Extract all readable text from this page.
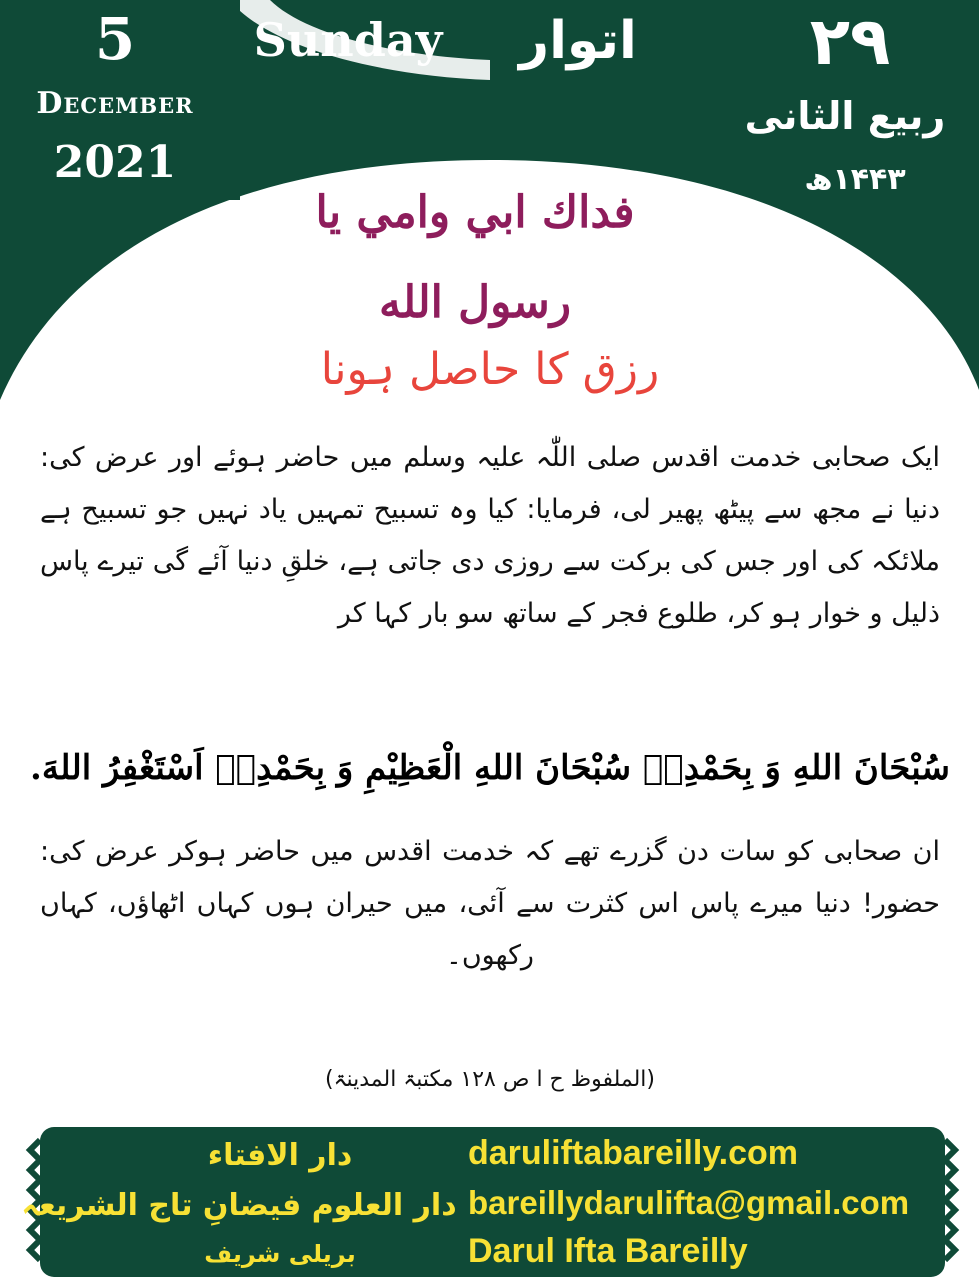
5
December
2021
Sunday	اتوار	۲۹
ربیع الثانی
۱۴۴۳ھ
فداك ابي وامي يا رسول الله
رزق کا حاصل ہونا
ایک صحابی خدمت اقدس صلی اللّٰہ علیہ وسلم میں حاضر ہوئے اور عرض کی: دنیا نے مجھ سے پیٹھ پھیر لی، فرمایا: کیا وہ تسبیح تمہیں یاد نہیں جو تسبیح ہے ملائکہ کی اور جس کی برکت سے روزی دی جاتی ہے، خلقِ دنیا آئے گی تیرے پاس ذلیل و خوار ہو کر، طلوع فجر کے ساتھ سو بار کہا کر
سُبْحَانَ اللهِ وَ بِحَمْدِهٖ سُبْحَانَ اللهِ الْعَظِیْمِ وَ بِحَمْدِهٖ اَسْتَغْفِرُ اللهَ.
ان صحابی کو سات دن گزرے تھے کہ خدمت اقدس میں حاضر ہوکر عرض کی: حضور! دنیا میرے پاس اس کثرت سے آئی، میں حیران ہوں کہاں اٹھاؤں، کہاں رکھوں۔
(الملفوظ ح ا ص ۱۲۸ مکتبۃ المدینۃ)
دار الافتاء
دار العلوم فیضانِ تاج الشریعہ
بریلی شریف
daruliftabareilly.com
bareillydarulifta@gmail.com
Darul Ifta Bareilly
